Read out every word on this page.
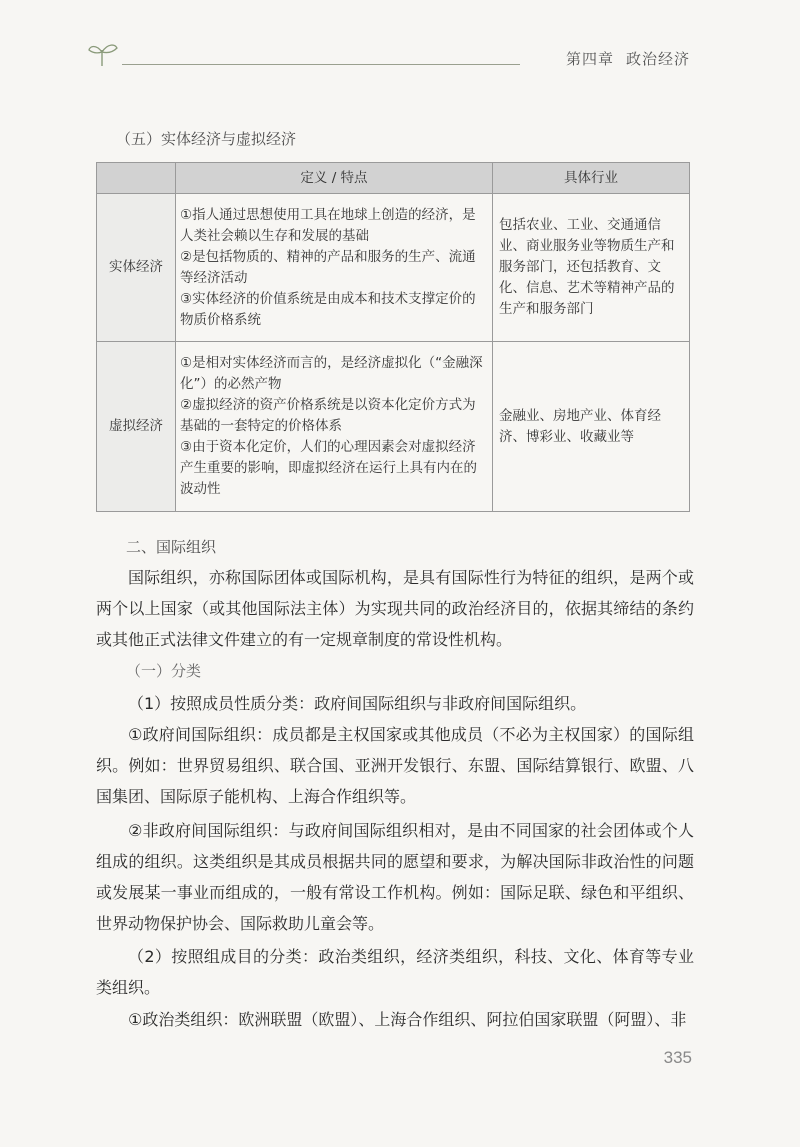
第四章 政治经济
（五）实体经济与虚拟经济
	定义 / 特点	具体行业
实体经济	①指人通过思想使用工具在地球上创造的经济，是人类社会赖以生存和发展的基础
②是包括物质的、精神的产品和服务的生产、流通等经济活动
③实体经济的价值系统是由成本和技术支撑定价的物质价格系统	包括农业、工业、交通通信业、商业服务业等物质生产和服务部门，还包括教育、文化、信息、艺术等精神产品的生产和服务部门
虚拟经济	①是相对实体经济而言的，是经济虚拟化（“金融深化”）的必然产物
②虚拟经济的资产价格系统是以资本化定价方式为基础的一套特定的价格体系
③由于资本化定价，人们的心理因素会对虚拟经济产生重要的影响，即虚拟经济在运行上具有内在的波动性	金融业、房地产业、体育经济、博彩业、收藏业等
二、国际组织

国际组织，亦称国际团体或国际机构，是具有国际性行为特征的组织，是两个或两个以上国家（或其他国际法主体）为实现共同的政治经济目的，依据其缔结的条约或其他正式法律文件建立的有一定规章制度的常设性机构。

（一）分类

（1）按照成员性质分类：政府间国际组织与非政府间国际组织。

①政府间国际组织：成员都是主权国家或其他成员（不必为主权国家）的国际组织。例如：世界贸易组织、联合国、亚洲开发银行、东盟、国际结算银行、欧盟、八国集团、国际原子能机构、上海合作组织等。

②非政府间国际组织：与政府间国际组织相对，是由不同国家的社会团体或个人组成的组织。这类组织是其成员根据共同的愿望和要求，为解决国际非政治性的问题或发展某一事业而组成的，一般有常设工作机构。例如：国际足联、绿色和平组织、世界动物保护协会、国际救助儿童会等。

（2）按照组成目的分类：政治类组织，经济类组织，科技、文化、体育等专业类组织。

①政治类组织：欧洲联盟（欧盟）、上海合作组织、阿拉伯国家联盟（阿盟）、非

335
